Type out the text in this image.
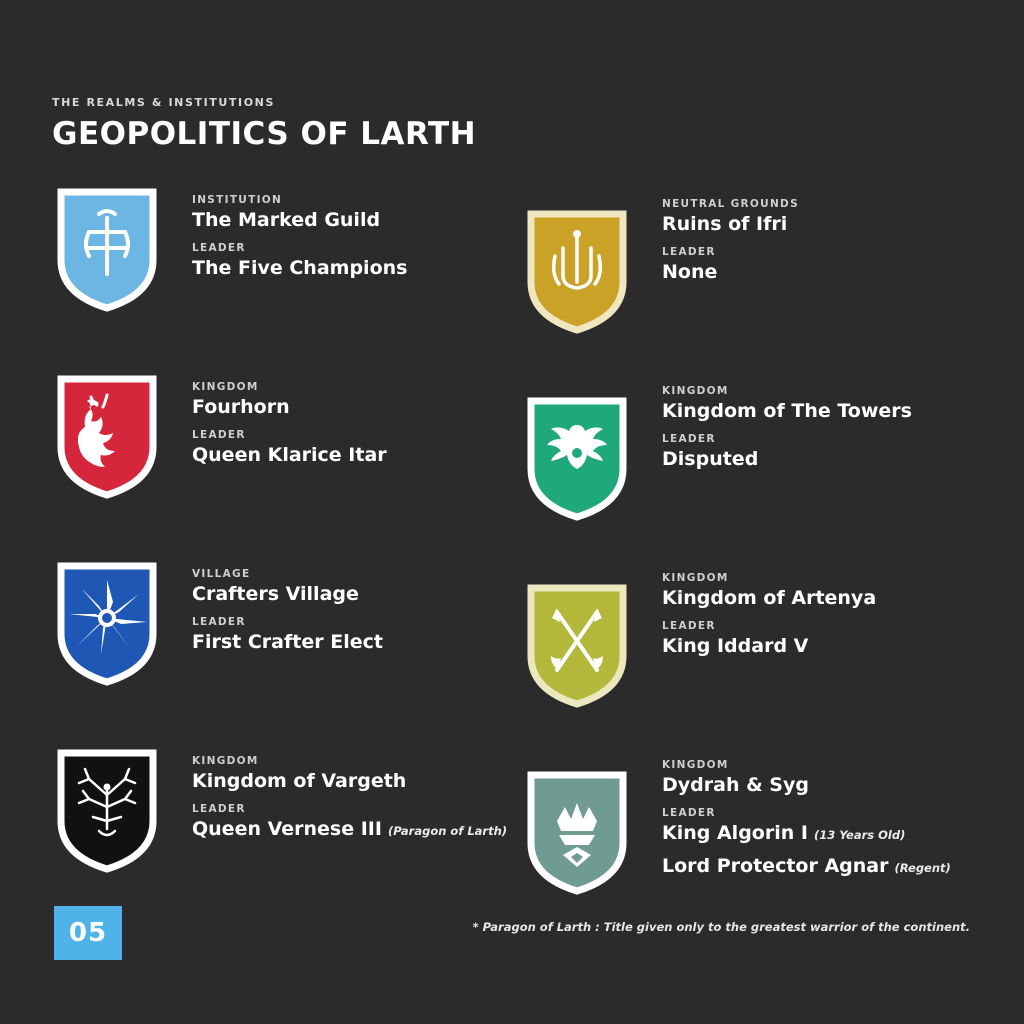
THE REALMS & INSTITUTIONS
GEOPOLITICS OF LARTH
INSTITUTION
The Marked Guild
LEADER
The Five Champions
NEUTRAL GROUNDS
Ruins of Ifri
LEADER
None
KINGDOM
Fourhorn
LEADER
Queen Klarice Itar
KINGDOM
Kingdom of The Towers
LEADER
Disputed
VILLAGE
Crafters Village
LEADER
First Crafter Elect
KINGDOM
Kingdom of Artenya
LEADER
King Iddard V
KINGDOM
Kingdom of Vargeth
LEADER
Queen Vernese III (Paragon of Larth)
KINGDOM
Dydrah & Syg
LEADER
King Algorin I (13 Years Old)
Lord Protector Agnar (Regent)
05	* Paragon of Larth : Title given only to the greatest warrior of the continent.
